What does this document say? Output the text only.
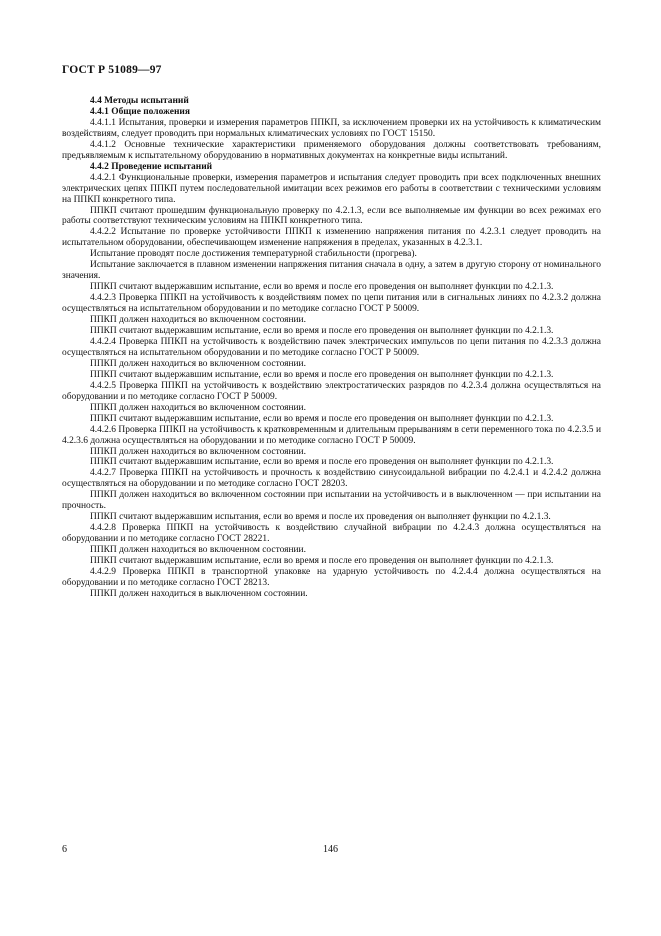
ГОСТ Р 51089—97

4.4 Методы испытаний

4.4.1 Общие положения

4.4.1.1 Испытания, проверки и измерения параметров ППКП, за исключением проверки их на устойчивость к климатическим воздействиям, следует проводить при нормальных климатических условиях по ГОСТ 15150.

4.4.1.2 Основные технические характеристики применяемого оборудования должны соответствовать требованиям, предъявляемым к испытательному оборудованию в нормативных документах на конкретные виды испытаний.

4.4.2 Проведение испытаний

4.4.2.1 Функциональные проверки, измерения параметров и испытания следует проводить при всех подключенных внешних электрических цепях ППКП путем последовательной имитации всех режимов его работы в соответствии с техническими условиям на ППКП конкретного типа.

ППКП считают прошедшим функциональную проверку по 4.2.1.3, если все выполняемые им функции во всех режимах его работы соответствуют техническим условиям на ППКП конкретного типа.

4.4.2.2 Испытание по проверке устойчивости ППКП к изменению напряжения питания по 4.2.3.1 следует проводить на испытательном оборудовании, обеспечивающем изменение напряжения в пределах, указанных в 4.2.3.1.

Испытание проводят после достижения температурной стабильности (прогрева).

Испытание заключается в плавном изменении напряжения питания сначала в одну, а затем в другую сторону от номинального значения.

ППКП считают выдержавшим испытание, если во время и после его проведения он выполняет функции по 4.2.1.3.

4.4.2.3 Проверка ППКП на устойчивость к воздействиям помех по цепи питания или в сигнальных линиях по 4.2.3.2 должна осуществляться на испытательном оборудовании и по методике согласно ГОСТ Р 50009.

ППКП должен находиться во включенном состоянии.

ППКП считают выдержавшим испытание, если во время и после его проведения он выполняет функции по 4.2.1.3.

4.4.2.4 Проверка ППКП на устойчивость к воздействию пачек электрических импульсов по цепи питания по 4.2.3.3 должна осуществляться на испытательном оборудовании и по методике согласно ГОСТ Р 50009.

ППКП должен находиться во включенном состоянии.

ППКП считают выдержавшим испытание, если во время и после его проведения он выполняет функции по 4.2.1.3.

4.4.2.5 Проверка ППКП на устойчивость к воздействию электростатических разрядов по 4.2.3.4 должна осуществляться на оборудовании и по методике согласно ГОСТ Р 50009.

ППКП должен находиться во включенном состоянии.

ППКП считают выдержавшим испытание, если во время и после его проведения он выполняет функции по 4.2.1.3.

4.4.2.6 Проверка ППКП на устойчивость к кратковременным и длительным прерываниям в сети переменного тока по 4.2.3.5 и 4.2.3.6 должна осуществляться на оборудовании и по методике согласно ГОСТ Р 50009.

ППКП должен находиться во включенном состоянии.

ППКП считают выдержавшим испытание, если во время и после его проведения он выполняет функции по 4.2.1.3.

4.4.2.7 Проверка ППКП на устойчивость и прочность к воздействию синусоидальной вибрации по 4.2.4.1 и 4.2.4.2 должна осуществляться на оборудовании и по методике согласно ГОСТ 28203.

ППКП должен находиться во включенном состоянии при испытании на устойчивость и в выключенном — при испытании на прочность.

ППКП считают выдержавшим испытания, если во время и после их проведения он выполняет функции по 4.2.1.3.

4.4.2.8 Проверка ППКП на устойчивость к воздействию случайной вибрации по 4.2.4.3 должна осуществляться на оборудовании и по методике согласно ГОСТ 28221.

ППКП должен находиться во включенном состоянии.

ППКП считают выдержавшим испытание, если во время и после его проведения он выполняет функции по 4.2.1.3.

4.4.2.9 Проверка ППКП в транспортной упаковке на ударную устойчивость по 4.2.4.4 должна осуществляться на оборудовании и по методике согласно ГОСТ 28213.

ППКП должен находиться в выключенном состоянии.

6	146
